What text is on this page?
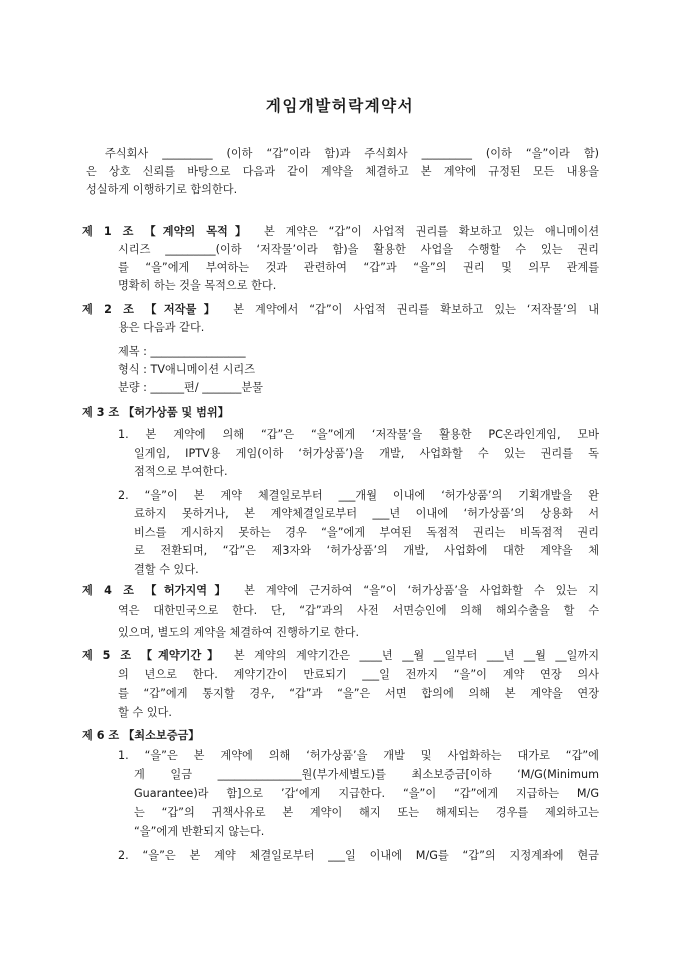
게임개발허락계약서
주식회사 _________ (이하 “갑”이라 함)과 주식회사 _________ (이하 “을”이라 함)
은 상호 신뢰를 바탕으로 다음과 같이 계약을 체결하고 본 계약에 규정된 모든 내용을
성실하게 이행하기로 합의한다.
제 1 조 【계약의 목적】 본 계약은 “갑”이 사업적 권리를 확보하고 있는 애니메이션
시리즈 _________(이하 ‘저작물’이라 함)을 활용한 사업을 수행할 수 있는 권리
를 “을”에게 부여하는 것과 관련하여 “갑”과 “을”의 권리 및 의무 관계를
명확히 하는 것을 목적으로 한다.
제 2 조 【저작물】 본 계약에서 “갑”이 사업적 권리를 확보하고 있는 ‘저작물’의 내
용은 다음과 같다.
제목 : _________________
형식 : TV애니메이션 시리즈
분량 : ______편/ _______분물
제 3 조 【허가상품 및 범위】
1. 본 계약에 의해 “갑”은 “을”에게 ‘저작물’을 활용한 PC온라인게임, 모바
일게임, IPTV용 게임(이하 ‘허가상품’)을 개발, 사업화할 수 있는 권리를 독
점적으로 부여한다.
2. “을”이 본 계약 체결일로부터 ___개월 이내에 ‘허가상품’의 기획개발을 완
료하지 못하거나, 본 계약체결일로부터 ___년 이내에 ‘허가상품’의 상용화 서
비스를 게시하지 못하는 경우 “을”에게 부여된 독점적 권리는 비독점적 권리
로 전환되며, “갑”은 제3자와 ‘허가상품’의 개발, 사업화에 대한 계약을 체
결할 수 있다.
제 4 조 【허가지역】 본 계약에 근거하여 “을”이 ‘허가상품’을 사업화할 수 있는 지
역은 대한민국으로 한다. 단, “갑”과의 사전 서면승인에 의해 해외수출을 할 수
있으며, 별도의 계약을 체결하여 진행하기로 한다.
제 5 조 【계약기간】 본 계약의 계약기간은 ____년 __월 __일부터 ___년 __월 __일까지
의 년으로 한다. 계약기간이 만료되기 ___일 전까지 “을”이 계약 연장 의사
를 “갑”에게 통지할 경우, “갑”과 “을”은 서면 합의에 의해 본 계약을 연장
할 수 있다.
제 6 조 【최소보증금】
1. “을”은 본 계약에 의해 ‘허가상품’을 개발 및 사업화하는 대가로 “갑”에
게 일금 _______________원(부가세별도)를 최소보증금[이하 ‘M/G(Minimum
Guarantee)라 함]으로 ’갑‘에게 지급한다. “을”이 “갑”에게 지급하는 M/G
는 “갑”의 귀책사유로 본 계약이 해지 또는 해제되는 경우를 제외하고는
“을”에게 반환되지 않는다.
2. “을”은 본 계약 체결일로부터 ___일 이내에 M/G를 “갑”의 지정계좌에 현금
